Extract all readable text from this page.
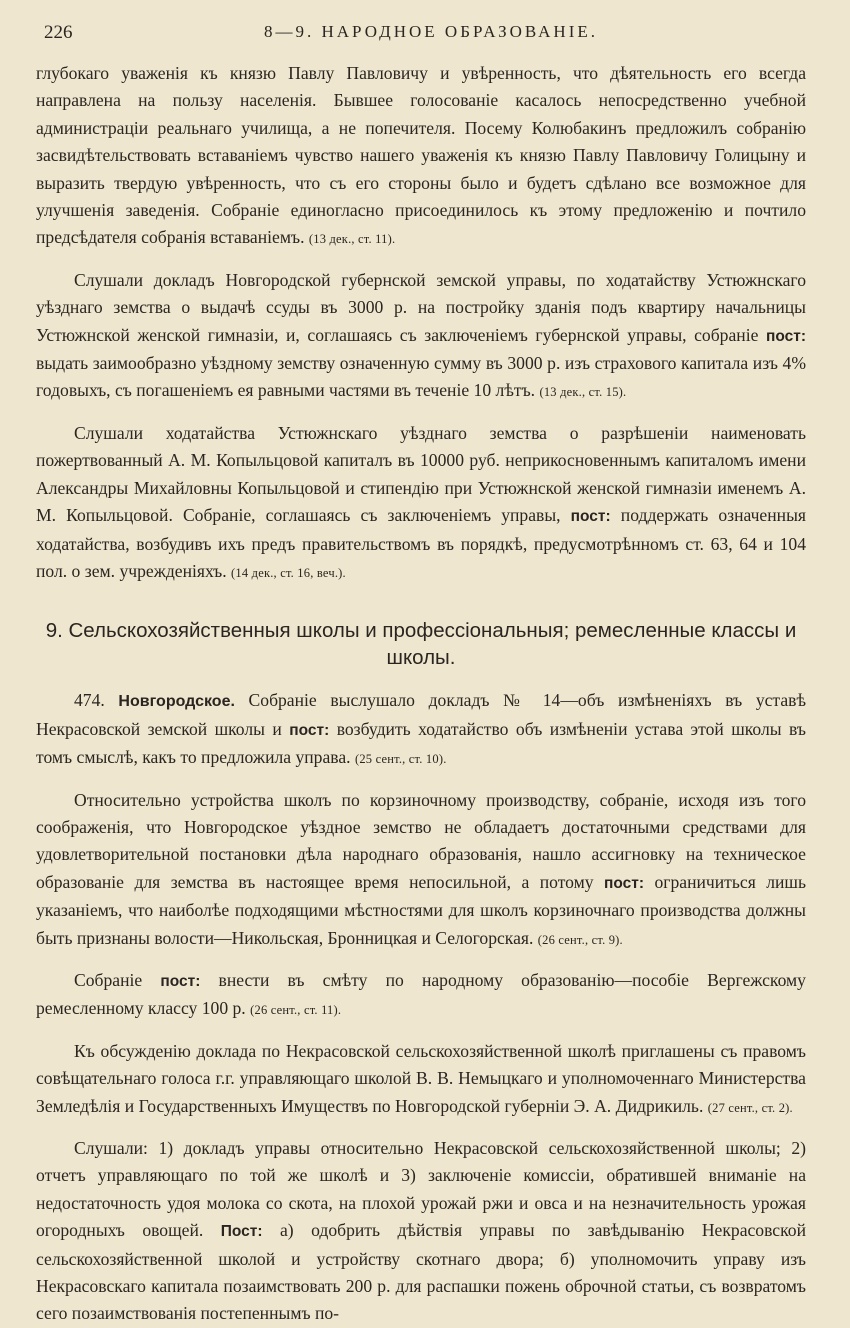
226	8—9. НАРОДНОЕ ОБРАЗОВАНІЕ.

глубокаго уваженія къ князю Павлу Павловичу и увѣренность, что дѣятельность его всегда направлена на пользу населенія. Бывшее голосованіе касалось непосредственно учебной администраціи реальнаго училища, а не попечителя. Посему Колюбакинъ предложилъ собранію засвидѣтельствовать вставаніемъ чувство нашего уваженія къ князю Павлу Павловичу Голицыну и выразить твердую увѣренность, что съ его стороны было и будетъ сдѣлано все возможное для улучшенія заведенія. Собраніе единогласно присоединилось къ этому предложенію и почтило предсѣдателя собранія вставаніемъ. (13 дек., ст. 11).

Слушали докладъ Новгородской губернской земской управы, по ходатайству Устюжнскаго уѣзднаго земства о выдачѣ ссуды въ 3000 р. на постройку зданія подъ квартиру начальницы Устюжнской женской гимназіи, и, соглашаясь съ заключеніемъ губернской управы, собраніе пост: выдать заимообразно уѣздному земству означенную сумму въ 3000 р. изъ страхового капитала изъ 4% годовыхъ, съ погашеніемъ ея равными частями въ теченіе 10 лѣтъ. (13 дек., ст. 15).

Слушали ходатайства Устюжнскаго уѣзднаго земства о разрѣшеніи наименовать пожертвованный А. М. Копыльцовой капиталъ въ 10000 руб. неприкосновеннымъ капиталомъ имени Александры Михайловны Копыльцовой и стипендію при Устюжнской женской гимназіи именемъ А. М. Копыльцовой. Собраніе, соглашаясь съ заключеніемъ управы, пост: поддержать означенныя ходатайства, возбудивъ ихъ предъ правительствомъ въ порядкѣ, предусмотрѣнномъ ст. 63, 64 и 104 пол. о зем. учрежденіяхъ. (14 дек., ст. 16, веч.).

9. Сельскохозяйственныя школы и профессіональныя; ремесленные классы и школы.

474. Новгородское. Собраніе выслушало докладъ № 14—объ измѣненіяхъ въ уставѣ Некрасовской земской школы и пост: возбудить ходатайство объ измѣненіи устава этой школы въ томъ смыслѣ, какъ то предложила управа. (25 сент., ст. 10).

Относительно устройства школъ по корзиночному производству, собраніе, исходя изъ того соображенія, что Новгородское уѣздное земство не обладаетъ достаточными средствами для удовлетворительной постановки дѣла народнаго образованія, нашло ассигновку на техническое образованіе для земства въ настоящее время непосильной, а потому пост: ограничиться лишь указаніемъ, что наиболѣе подходящими мѣстностями для школъ корзиночнаго производства должны быть признаны волости—Никольская, Бронницкая и Селогорская. (26 сент., ст. 9).

Собраніе пост: внести въ смѣту по народному образованію—пособіе Вергежскому ремесленному классу 100 р. (26 сент., ст. 11).

Къ обсужденію доклада по Некрасовской сельскохозяйственной школѣ приглашены съ правомъ совѣщательнаго голоса г.г. управляющаго школой В. В. Немыцкаго и уполномоченнаго Министерства Земледѣлія и Государственныхъ Имуществъ по Новгородской губерніи Э. А. Дидрикиль. (27 сент., ст. 2).

Слушали: 1) докладъ управы относительно Некрасовской сельскохозяйственной школы; 2) отчетъ управляющаго по той же школѣ и 3) заключеніе комиссіи, обратившей вниманіе на недостаточность удоя молока со скота, на плохой урожай ржи и овса и на незначительность урожая огородныхъ овощей. Пост: а) одобрить дѣйствія управы по завѣдыванію Некрасовской сельскохозяйственной школой и устройству скотнаго двора; б) уполномочить управу изъ Некрасовскаго капитала позаимствовать 200 р. для распашки пожень оброчной статьи, съ возвратомъ сего позаимствованія постепеннымъ по-
